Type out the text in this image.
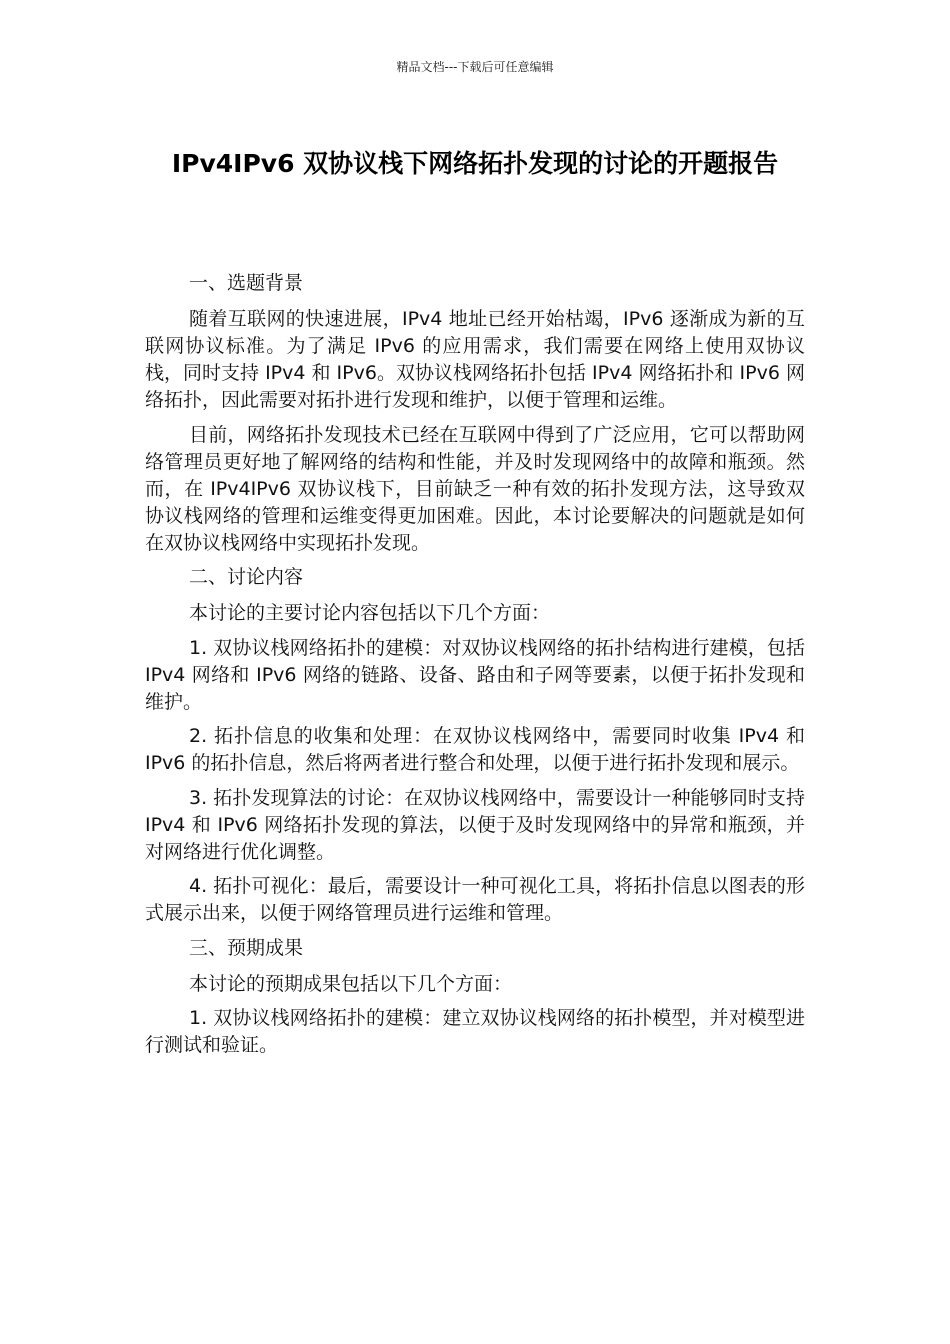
精品文档---下载后可任意编辑
IPv4IPv6 双协议栈下网络拓扑发现的讨论的开题报告

一、选题背景

随着互联网的快速进展，IPv4 地址已经开始枯竭，IPv6 逐渐成为新的互联网协议标准。为了满足 IPv6 的应用需求，我们需要在网络上使用双协议栈，同时支持 IPv4 和 IPv6。双协议栈网络拓扑包括 IPv4 网络拓扑和 IPv6 网络拓扑，因此需要对拓扑进行发现和维护，以便于管理和运维。

目前，网络拓扑发现技术已经在互联网中得到了广泛应用，它可以帮助网络管理员更好地了解网络的结构和性能，并及时发现网络中的故障和瓶颈。然而，在 IPv4IPv6 双协议栈下，目前缺乏一种有效的拓扑发现方法，这导致双协议栈网络的管理和运维变得更加困难。因此，本讨论要解决的问题就是如何在双协议栈网络中实现拓扑发现。

二、讨论内容

本讨论的主要讨论内容包括以下几个方面：

1. 双协议栈网络拓扑的建模：对双协议栈网络的拓扑结构进行建模，包括 IPv4 网络和 IPv6 网络的链路、设备、路由和子网等要素，以便于拓扑发现和维护。

2. 拓扑信息的收集和处理：在双协议栈网络中，需要同时收集 IPv4 和 IPv6 的拓扑信息，然后将两者进行整合和处理，以便于进行拓扑发现和展示。

3. 拓扑发现算法的讨论：在双协议栈网络中，需要设计一种能够同时支持 IPv4 和 IPv6 网络拓扑发现的算法，以便于及时发现网络中的异常和瓶颈，并对网络进行优化调整。

4. 拓扑可视化：最后，需要设计一种可视化工具，将拓扑信息以图表的形式展示出来，以便于网络管理员进行运维和管理。

三、预期成果

本讨论的预期成果包括以下几个方面：

1. 双协议栈网络拓扑的建模：建立双协议栈网络的拓扑模型，并对模型进行测试和验证。
